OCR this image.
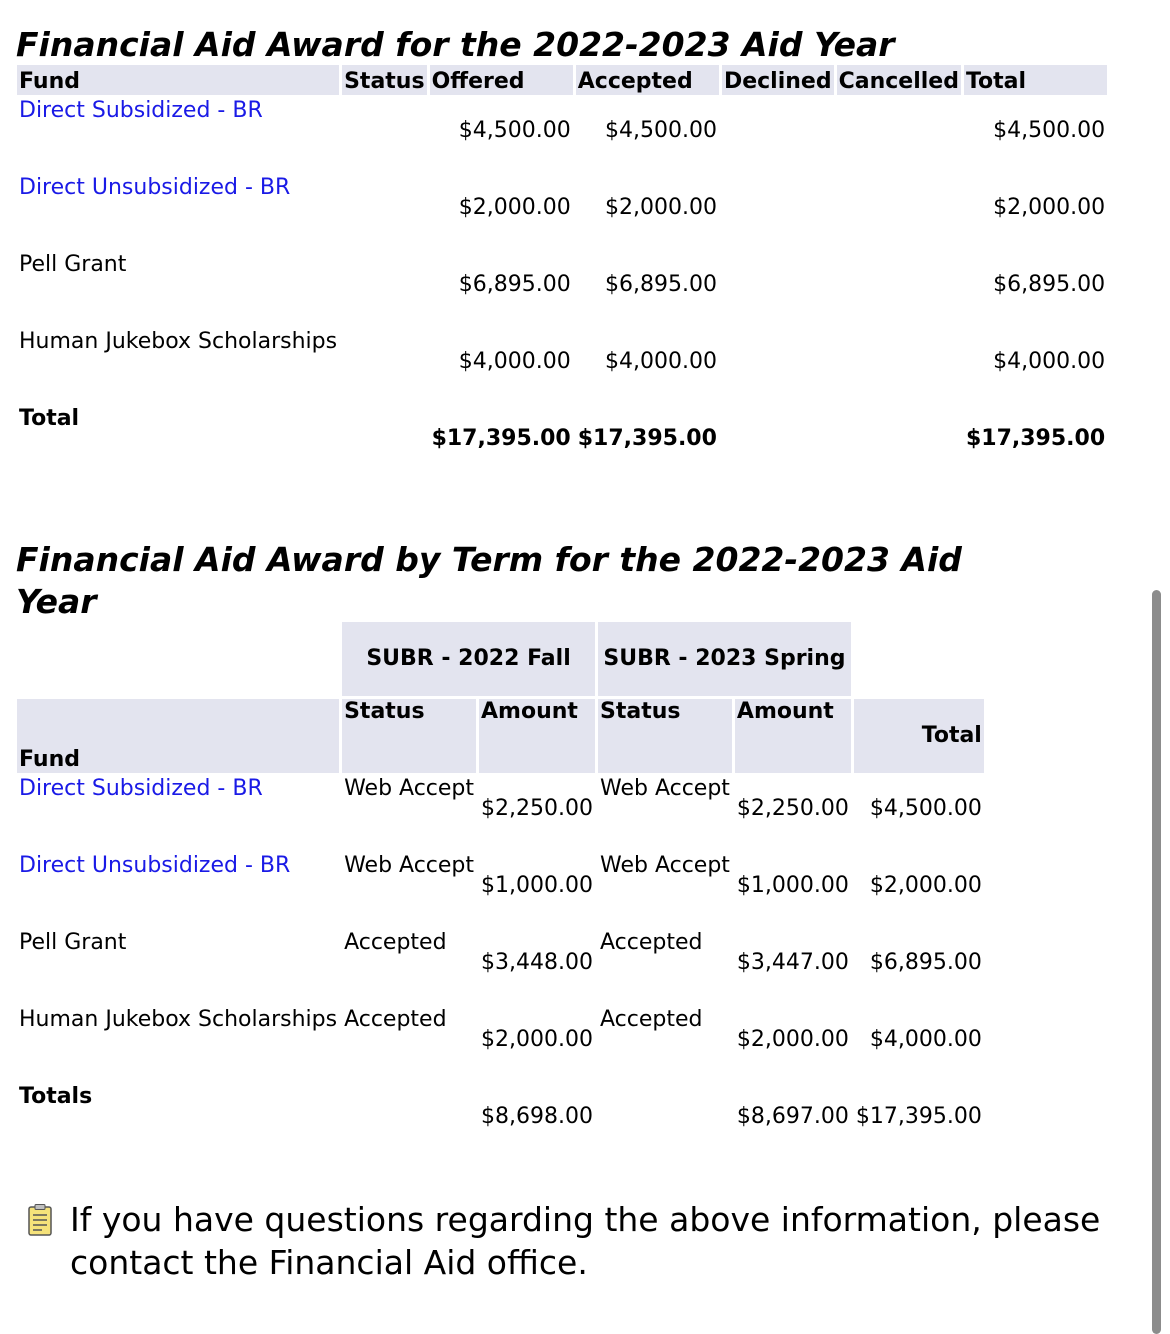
Financial Aid Award for the 2022-2023 Aid Year
Fund	Status	Offered	Accepted	Declined	Cancelled	Total
Direct Subsidized - BR		$4,500.00	$4,500.00			$4,500.00
Direct Unsubsidized - BR		$2,000.00	$2,000.00			$2,000.00
Pell Grant		$6,895.00	$6,895.00			$6,895.00
Human Jukebox Scholarships		$4,000.00	$4,000.00			$4,000.00
Total		$17,395.00	$17,395.00			$17,395.00
Financial Aid Award by Term for the 2022-2023 Aid Year
	SUBR - 2022 Fall		SUBR - 2023 Spring		
Fund	Status	Amount	Status	Amount	Total
Direct Subsidized - BR	Web Accept	$2,250.00	Web Accept	$2,250.00	$4,500.00
Direct Unsubsidized - BR	Web Accept	$1,000.00	Web Accept	$1,000.00	$2,000.00
Pell Grant	Accepted	$3,448.00	Accepted	$3,447.00	$6,895.00
Human Jukebox Scholarships	Accepted	$2,000.00	Accepted	$2,000.00	$4,000.00
Totals		$8,698.00		$8,697.00	$17,395.00
If you have questions regarding the above information, please contact the Financial Aid office.
